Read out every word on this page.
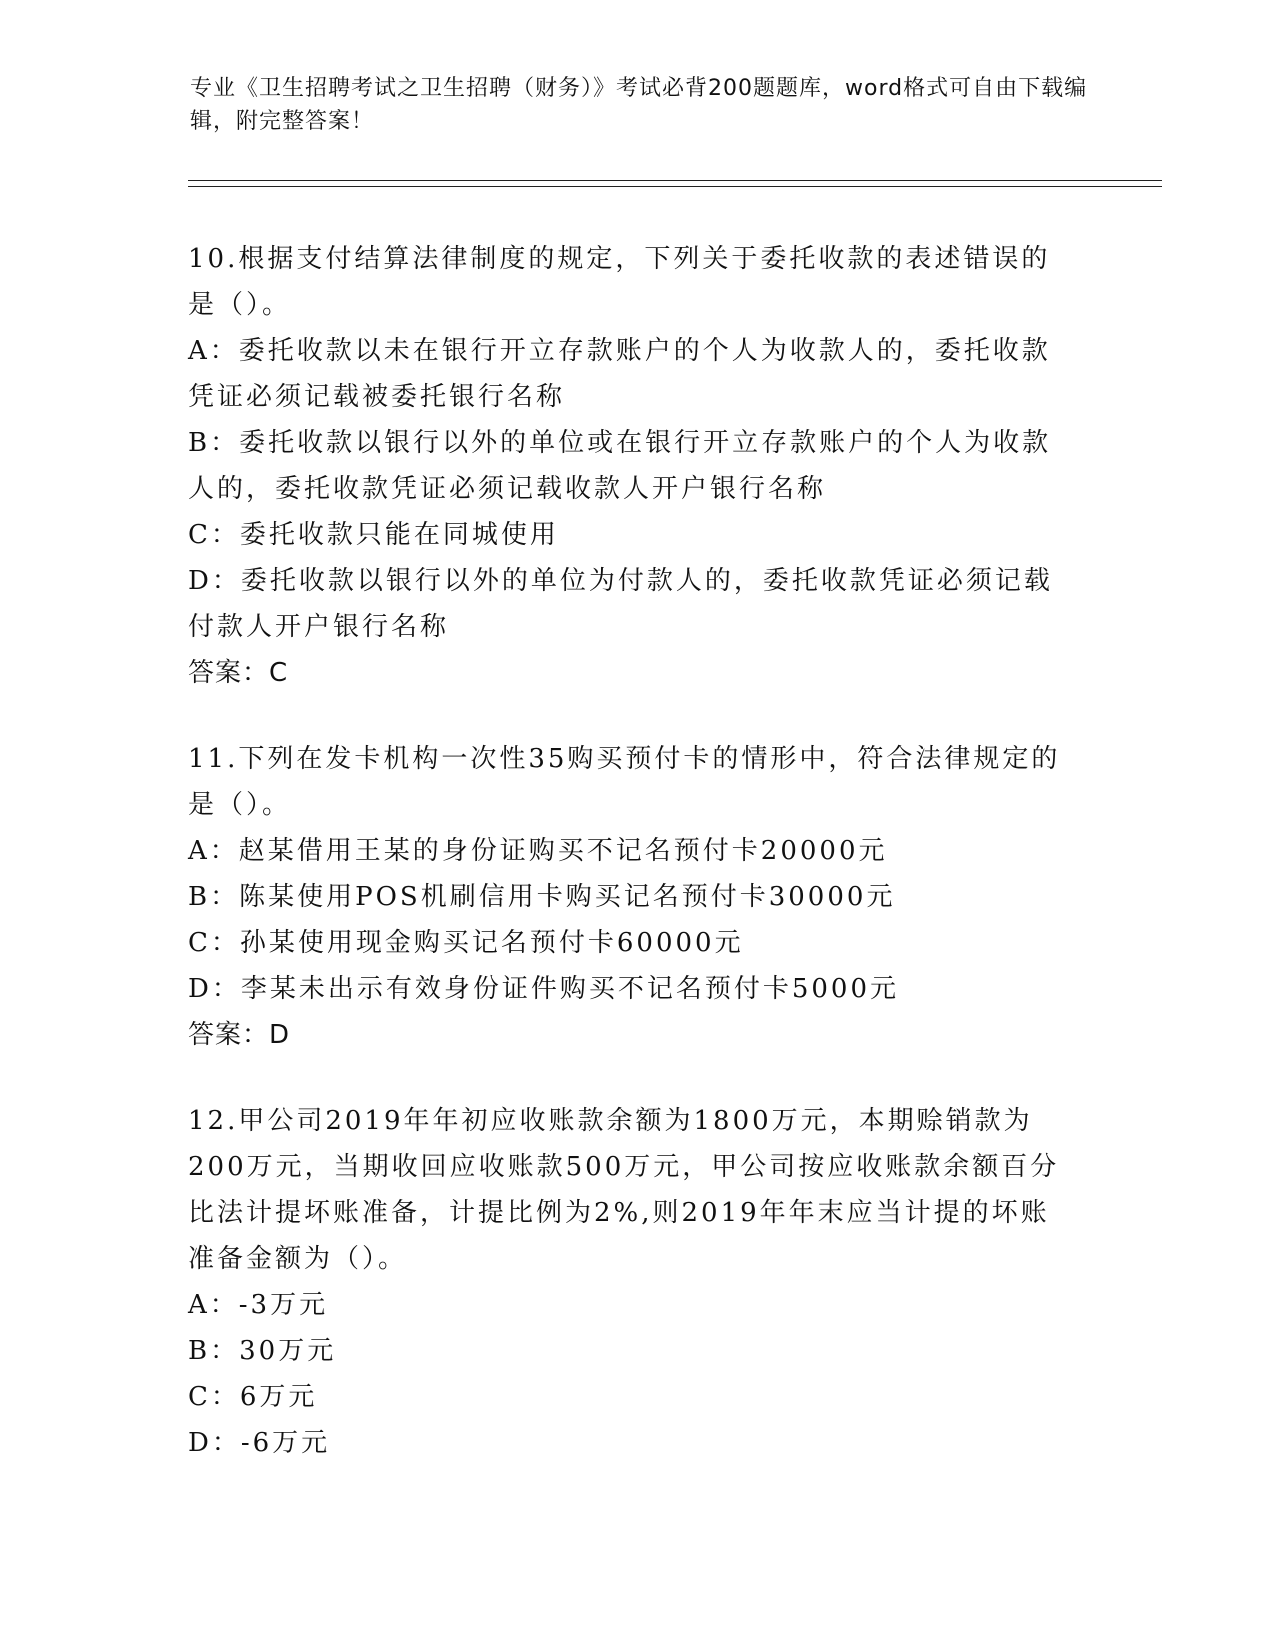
专业《卫生招聘考试之卫生招聘（财务）》考试必背200题题库，word格式可自由下载编辑，附完整答案！
10.根据支付结算法律制度的规定，下列关于委托收款的表述错误的是（）。
A：委托收款以未在银行开立存款账户的个人为收款人的，委托收款凭证必须记载被委托银行名称
B：委托收款以银行以外的单位或在银行开立存款账户的个人为收款人的，委托收款凭证必须记载收款人开户银行名称
C：委托收款只能在同城使用
D：委托收款以银行以外的单位为付款人的，委托收款凭证必须记载付款人开户银行名称
答案：C
11.下列在发卡机构一次性35购买预付卡的情形中，符合法律规定的是（）。
A：赵某借用王某的身份证购买不记名预付卡20000元
B：陈某使用POS机刷信用卡购买记名预付卡30000元
C：孙某使用现金购买记名预付卡60000元
D：李某未出示有效身份证件购买不记名预付卡5000元
答案：D
12.甲公司2019年年初应收账款余额为1800万元，本期赊销款为200万元，当期收回应收账款500万元，甲公司按应收账款余额百分比法计提坏账准备，计提比例为2%,则2019年年末应当计提的坏账准备金额为（）。
A：-3万元
B：30万元
C：6万元
D：-6万元
